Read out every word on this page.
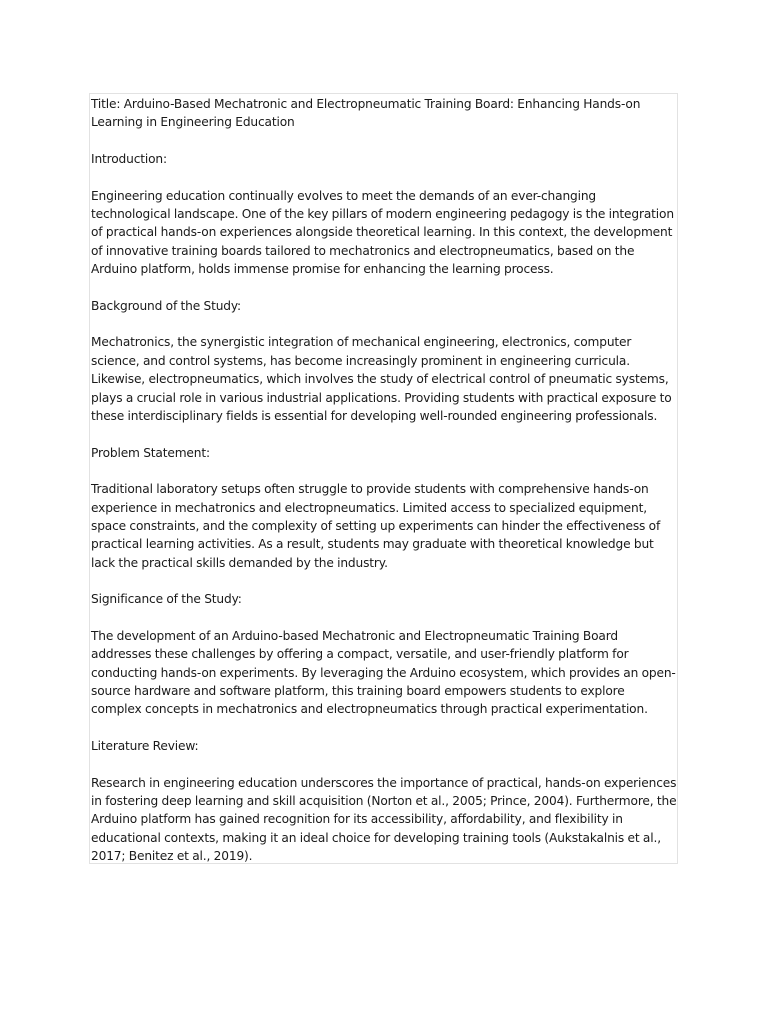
Title: Arduino-Based Mechatronic and Electropneumatic Training Board: Enhancing Hands-on Learning in Engineering Education

Introduction:

Engineering education continually evolves to meet the demands of an ever-changing technological landscape. One of the key pillars of modern engineering pedagogy is the integration of practical hands-on experiences alongside theoretical learning. In this context, the development of innovative training boards tailored to mechatronics and electropneumatics, based on the Arduino platform, holds immense promise for enhancing the learning process.

Background of the Study:

Mechatronics, the synergistic integration of mechanical engineering, electronics, computer science, and control systems, has become increasingly prominent in engineering curricula. Likewise, electropneumatics, which involves the study of electrical control of pneumatic systems, plays a crucial role in various industrial applications. Providing students with practical exposure to these interdisciplinary fields is essential for developing well-rounded engineering professionals.

Problem Statement:

Traditional laboratory setups often struggle to provide students with comprehensive hands-on experience in mechatronics and electropneumatics. Limited access to specialized equipment, space constraints, and the complexity of setting up experiments can hinder the effectiveness of practical learning activities. As a result, students may graduate with theoretical knowledge but lack the practical skills demanded by the industry.

Significance of the Study:

The development of an Arduino-based Mechatronic and Electropneumatic Training Board addresses these challenges by offering a compact, versatile, and user-friendly platform for conducting hands-on experiments. By leveraging the Arduino ecosystem, which provides an open-source hardware and software platform, this training board empowers students to explore complex concepts in mechatronics and electropneumatics through practical experimentation.

Literature Review:

Research in engineering education underscores the importance of practical, hands-on experiences in fostering deep learning and skill acquisition (Norton et al., 2005; Prince, 2004). Furthermore, the Arduino platform has gained recognition for its accessibility, affordability, and flexibility in educational contexts, making it an ideal choice for developing training tools (Aukstakalnis et al., 2017; Benitez et al., 2019).
